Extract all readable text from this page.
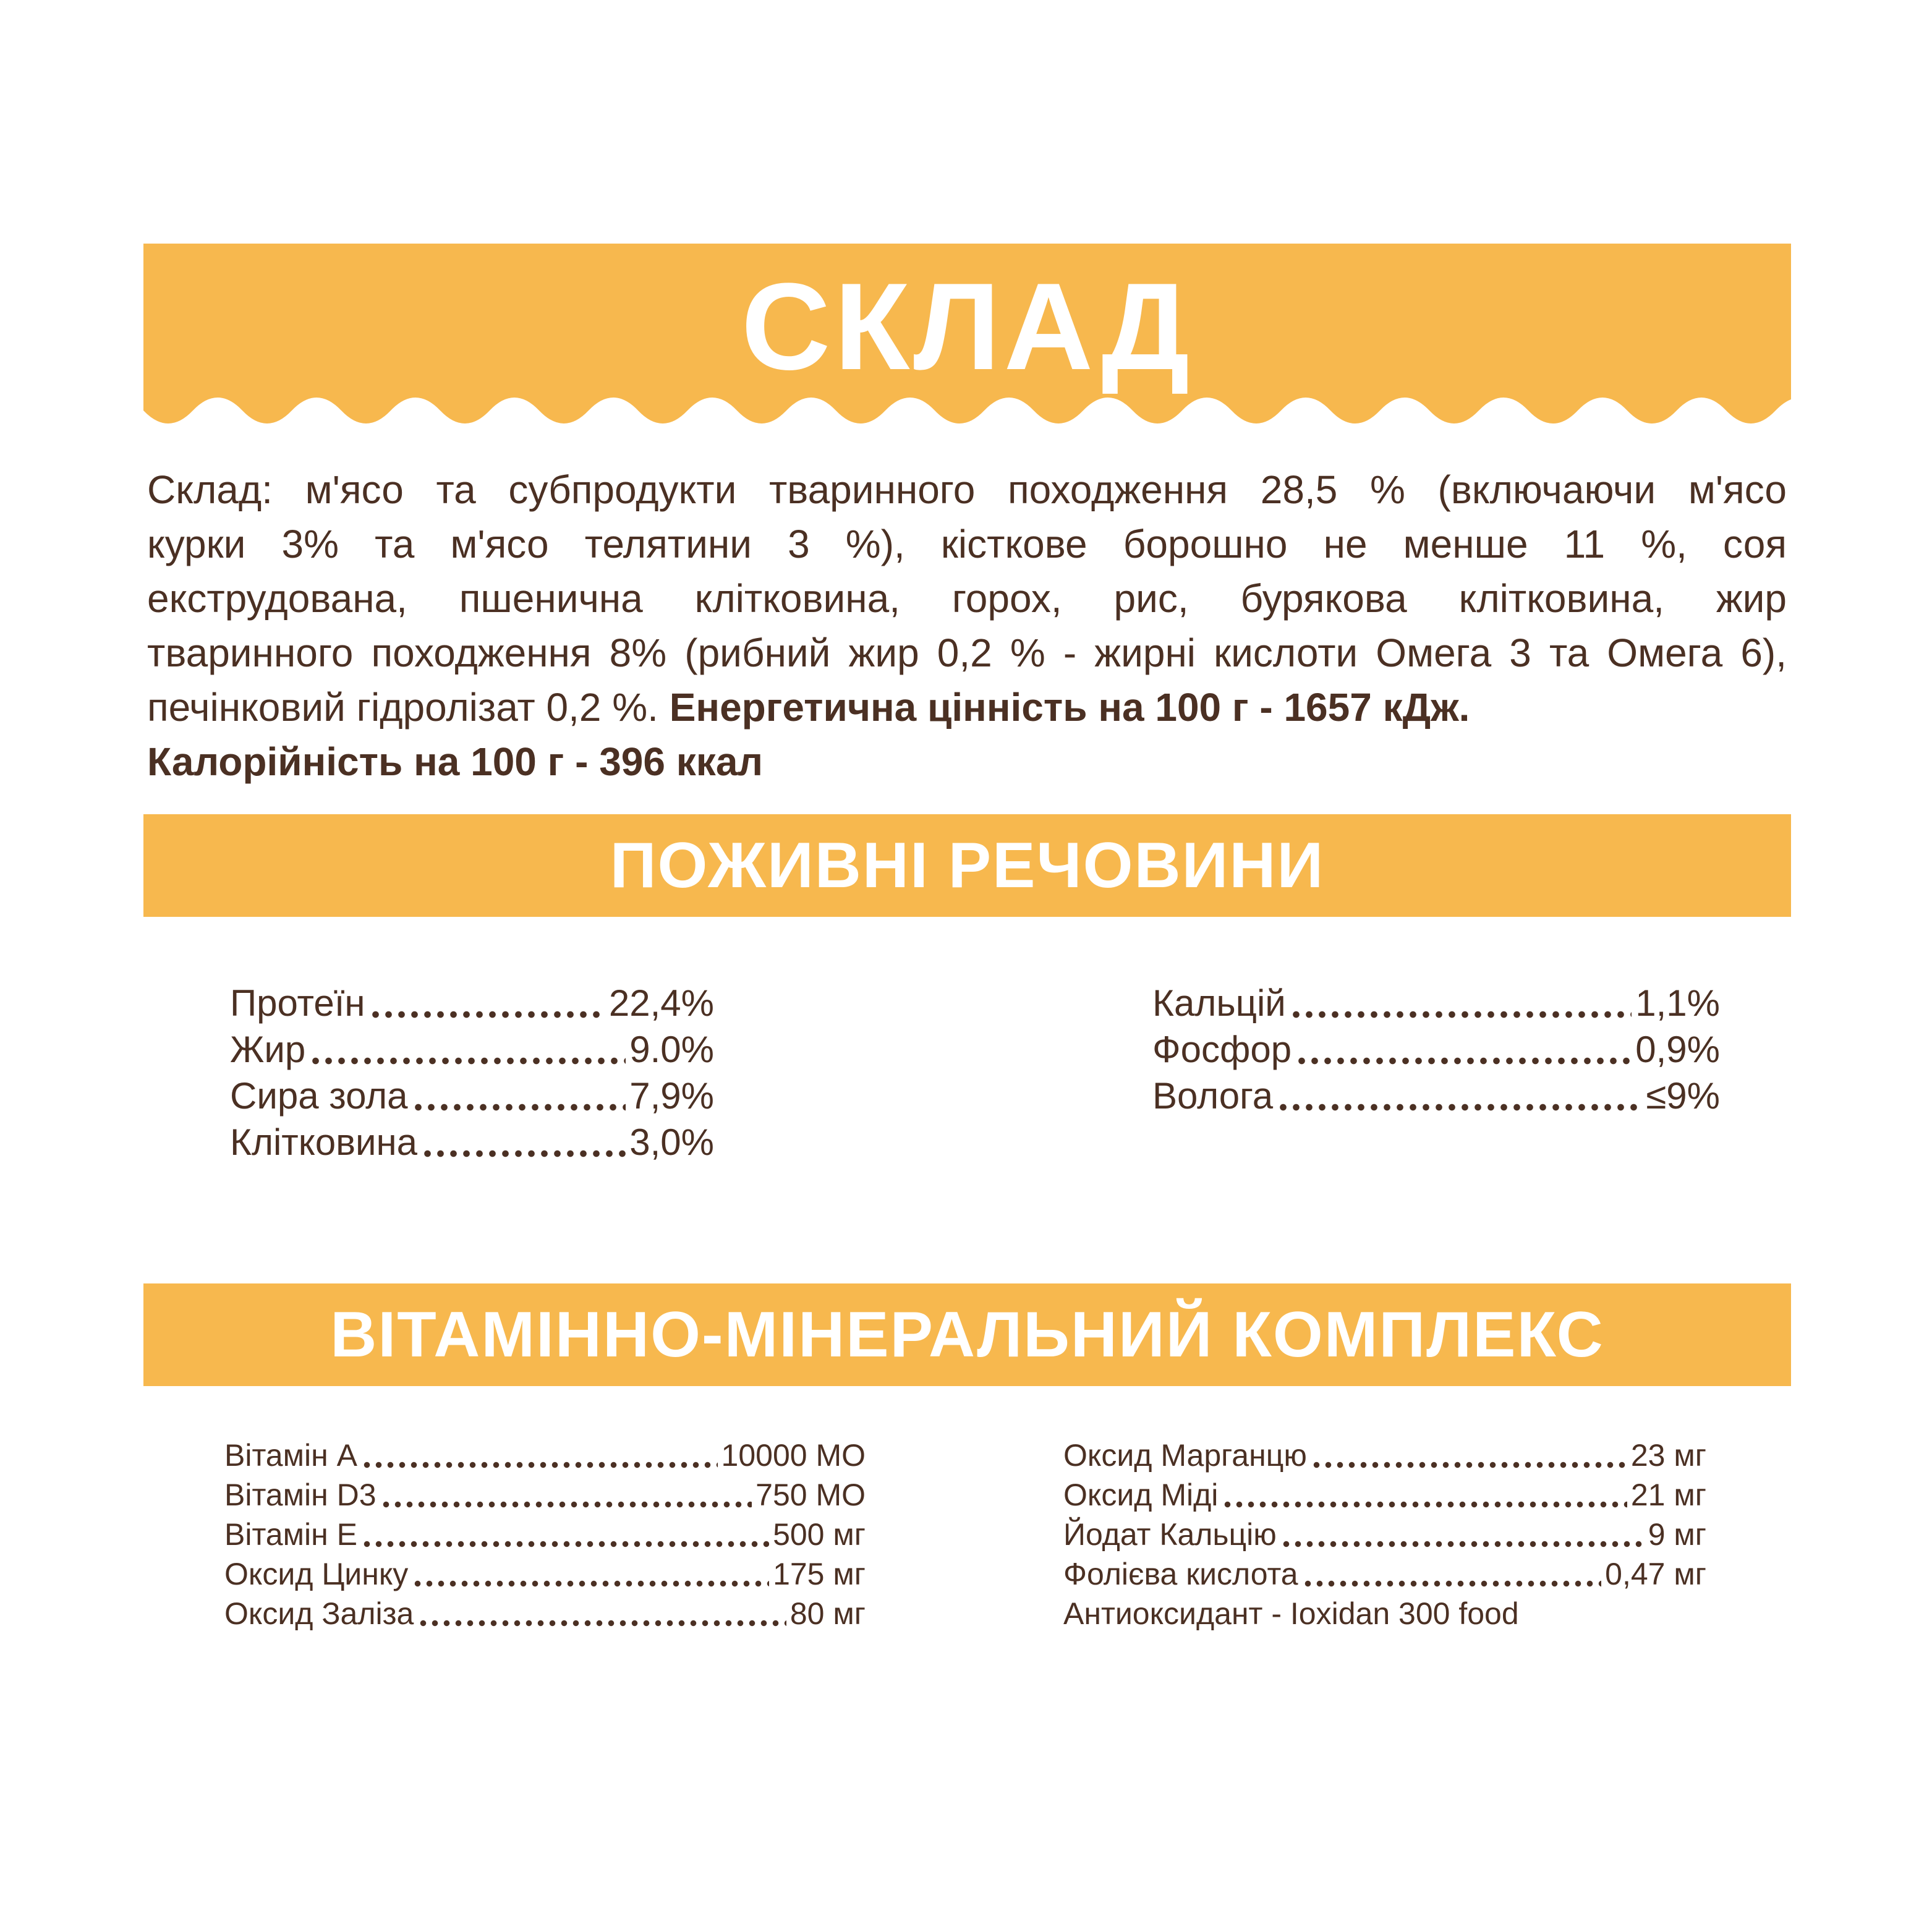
СКЛАД
Склад: м'ясо та субпродукти тваринного походження 28,5 % (включаючи м'ясо
курки 3% та м'ясо телятини 3 %), кісткове борошно не менше 11 %, соя
екструдована, пшенична клітковина, горох, рис, бурякова клітковина, жир
тваринного походження 8% (рибний жир 0,2 % - жирні кислоти Омега 3 та Омега 6),
печінковий гідролізат 0,2 %. Енергетична цінність на 100 г - 1657 кДж.
Калорійність на 100 г - 396 ккал
ПОЖИВНІ РЕЧОВИНИ
Протеїн	22,4%
Жир	9.0%
Сира зола	7,9%
Клітковина	3,0%
Кальцій	1,1%
Фосфор	0,9%
Волога	≤9%
ВІТАМІННО-МІНЕРАЛЬНИЙ КОМПЛЕКС
Вітамін A	10000 МО
Вітамін D3	750 МО
Вітамін E	500 мг
Оксид Цинку	175 мг
Оксид Заліза	80 мг
Оксид Марганцю	23 мг
Оксид Міді	21 мг
Йодат Кальцію	9 мг
Фолієва кислота	0,47 мг
Антиоксидант - Ioxidan 300 food
